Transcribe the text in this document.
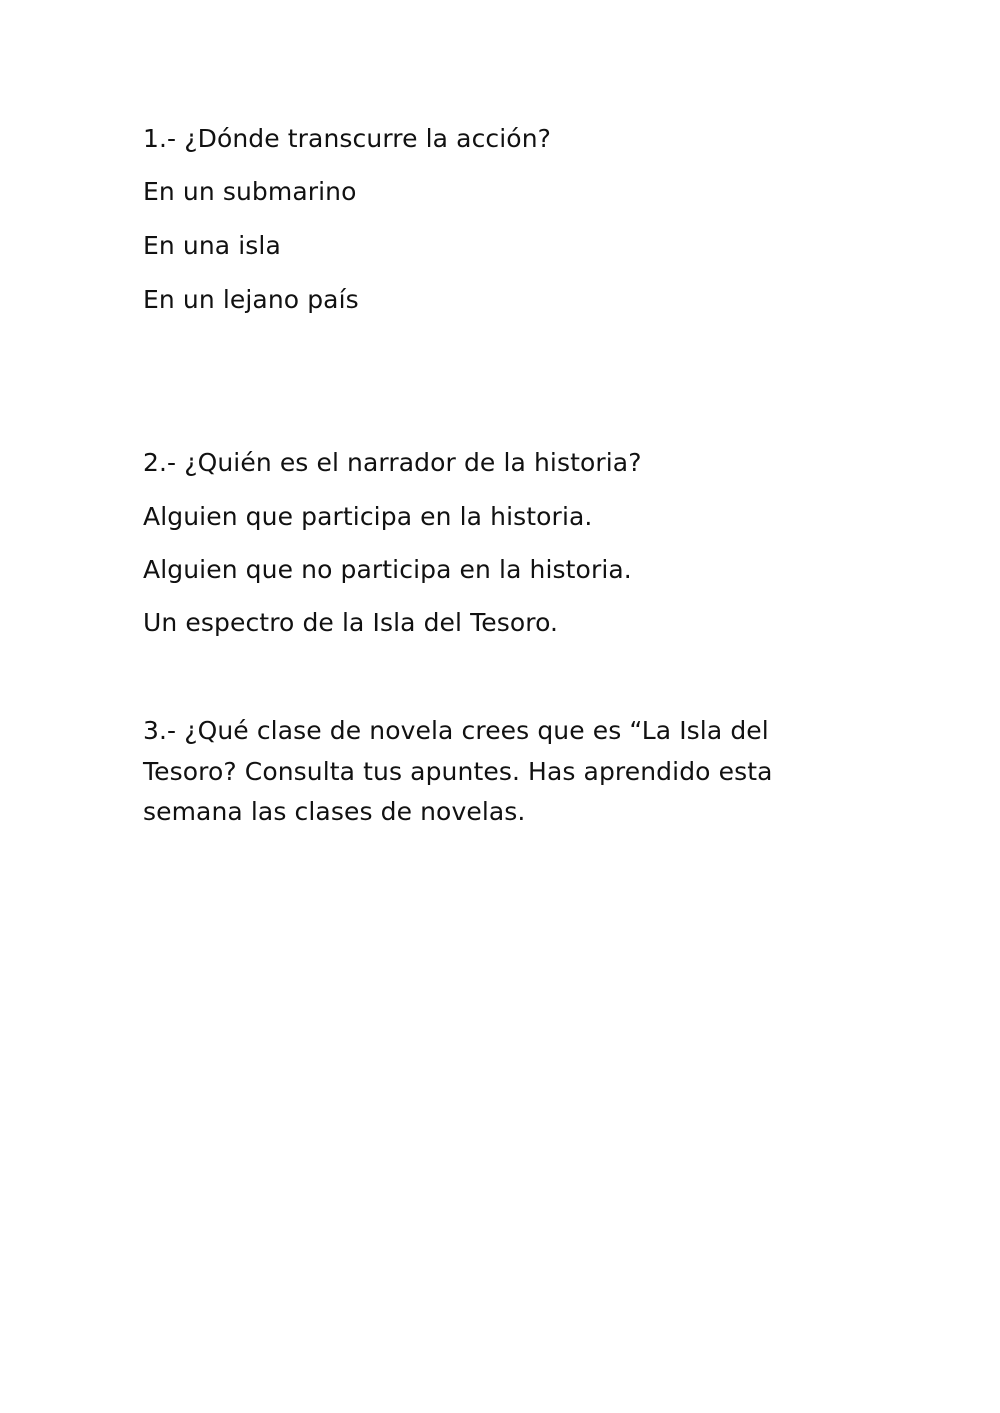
1.- ¿Dónde transcurre la acción?
En un submarino
En una isla
En un lejano país
2.- ¿Quién es el narrador de la historia?
Alguien que participa en la historia.
Alguien que no participa en la historia.
Un espectro de la Isla del Tesoro.
3.- ¿Qué clase de novela crees que es “La Isla del
Tesoro? Consulta tus apuntes. Has aprendido esta
semana las clases de novelas.
